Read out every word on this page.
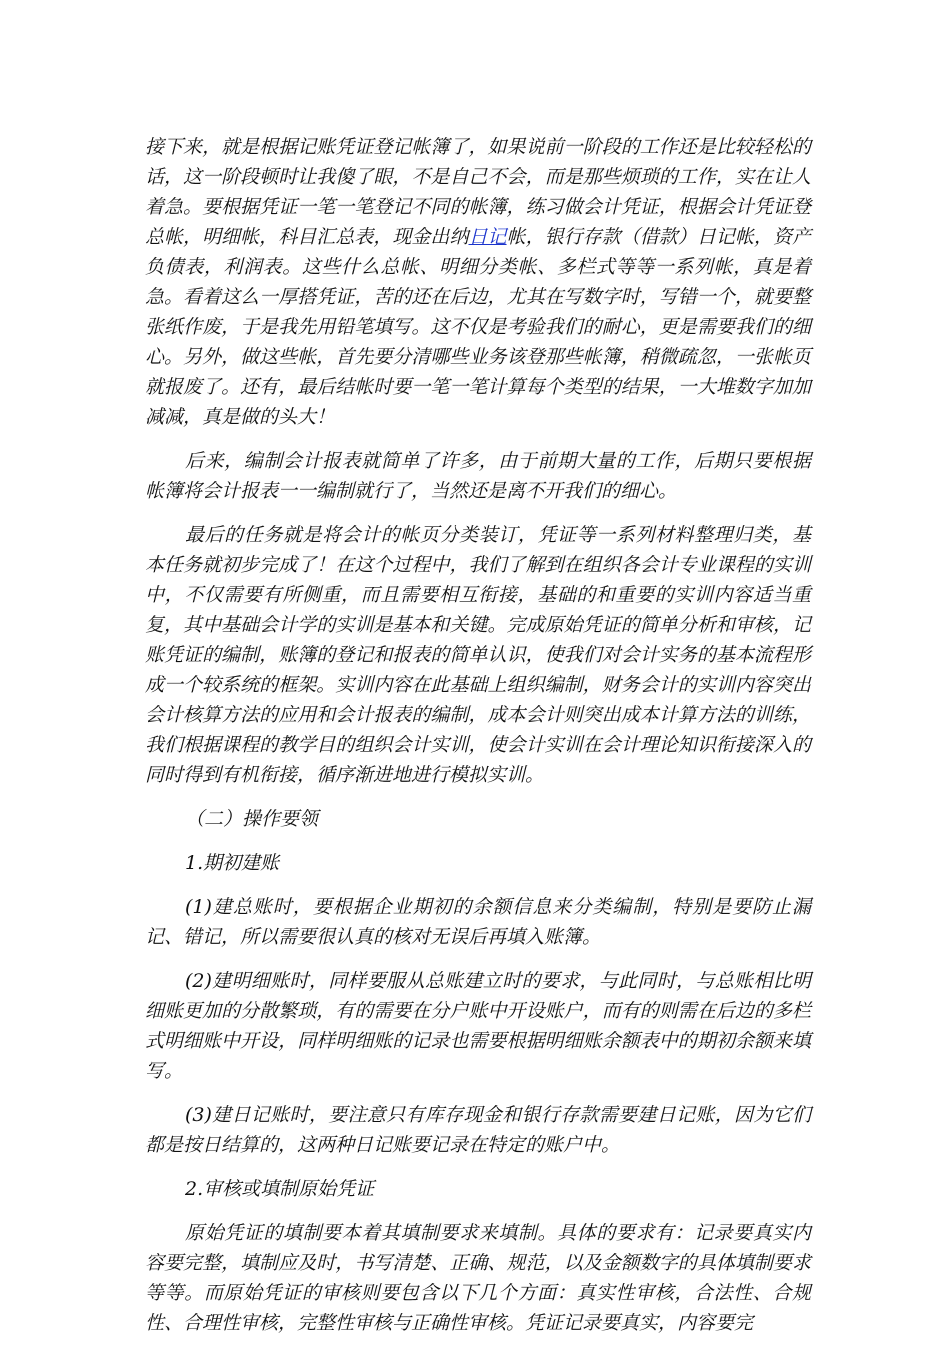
接下来，就是根据记账凭证登记帐簿了，如果说前一阶段的工作还是比较轻松的话，这一阶段顿时让我傻了眼，不是自己不会，而是那些烦琐的工作，实在让人着急。要根据凭证一笔一笔登记不同的帐簿，练习做会计凭证，根据会计凭证登总帐，明细帐，科目汇总表，现金出纳日记帐，银行存款（借款）日记帐，资产负债表，利润表。这些什么总帐、明细分类帐、多栏式等等一系列帐，真是着急。看着这么一厚搭凭证，苦的还在后边，尤其在写数字时，写错一个，就要整张纸作废，于是我先用铅笔填写。这不仅是考验我们的耐心，更是需要我们的细心。另外，做这些帐，首先要分清哪些业务该登那些帐簿，稍微疏忽，一张帐页就报废了。还有，最后结帐时要一笔一笔计算每个类型的结果，一大堆数字加加减减，真是做的头大！

后来，编制会计报表就简单了许多，由于前期大量的工作，后期只要根据帐簿将会计报表一一编制就行了，当然还是离不开我们的细心。

最后的任务就是将会计的帐页分类装订，凭证等一系列材料整理归类，基本任务就初步完成了！在这个过程中，我们了解到在组织各会计专业课程的实训中，不仅需要有所侧重，而且需要相互衔接，基础的和重要的实训内容适当重复，其中基础会计学的实训是基本和关键。完成原始凭证的简单分析和审核，记账凭证的编制，账簿的登记和报表的简单认识，使我们对会计实务的基本流程形成一个较系统的框架。实训内容在此基础上组织编制，财务会计的实训内容突出会计核算方法的应用和会计报表的编制，成本会计则突出成本计算方法的训练，我们根据课程的教学目的组织会计实训，使会计实训在会计理论知识衔接深入的同时得到有机衔接，循序渐进地进行模拟实训。

（二）操作要领

1.期初建账

(1)建总账时，要根据企业期初的余额信息来分类编制，特别是要防止漏记、错记，所以需要很认真的核对无误后再填入账簿。

(2)建明细账时，同样要服从总账建立时的要求，与此同时，与总账相比明细账更加的分散繁琐，有的需要在分户账中开设账户，而有的则需在后边的多栏式明细账中开设，同样明细账的记录也需要根据明细账余额表中的期初余额来填写。

(3)建日记账时，要注意只有库存现金和银行存款需要建日记账，因为它们都是按日结算的，这两种日记账要记录在特定的账户中。

2.审核或填制原始凭证

原始凭证的填制要本着其填制要求来填制。具体的要求有：记录要真实内容要完整，填制应及时，书写清楚、正确、规范，以及金额数字的具体填制要求等等。而原始凭证的审核则要包含以下几个方面：真实性审核，合法性、合规性、合理性审核，完整性审核与正确性审核。凭证记录要真实，内容要完
